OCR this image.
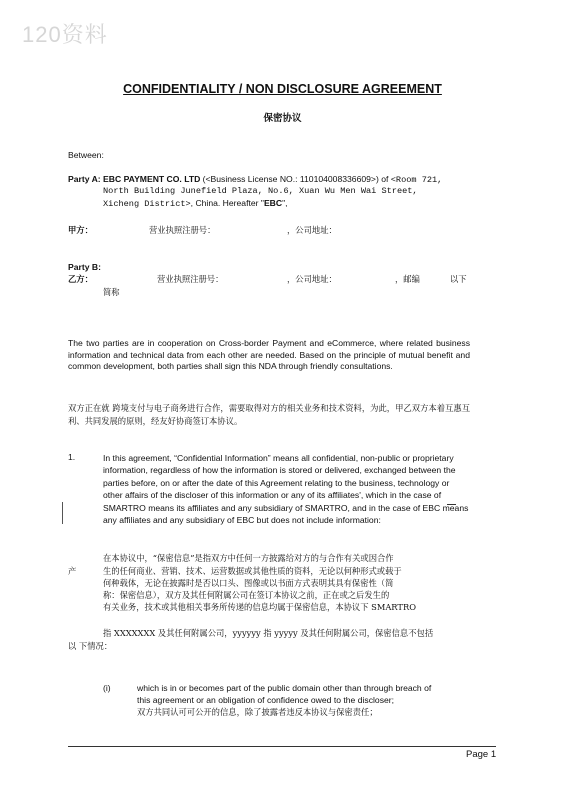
120资料
CONFIDENTIALITY / NON DISCLOSURE AGREEMENT
保密协议
Between:
Party A: EBC PAYMENT CO. LTD (<Business License NO.: 110104008336609>) of <Room 721,
North Building Junefield Plaza, No.6, Xuan Wu Men Wai Street,
Xicheng District>, China. Hereafter "EBC",
甲方：	营业执照注册号：	，公司地址：
Party B:
乙方：	营业执照注册号：	，公司地址：	，邮编	以下
简称
The two parties are in cooperation on Cross-border Payment and eCommerce, where related business information and technical data from each other are needed. Based on the principle of mutual benefit and common development, both parties shall sign this NDA through friendly consultations.
双方正在就 跨境支付与电子商务进行合作，需要取得对方的相关业务和技术资料，为此，甲乙双方本着互惠互利、共同发展的原则，经友好协商签订本协议。
1.	In this agreement, “Confidential Information” means all confidential, non-public or proprietary information, regardless of how the information is stored or delivered, exchanged between the parties before, on or after the date of this Agreement relating to the business, technology or other affairs of the discloser of this information or any of its affiliates', which in the case of SMARTRO means its affiliates and any subsidiary of SMARTRO, and in the case of EBC means any affiliates and any subsidiary of EBC but does not include information:
在本协议中，“保密信息”是指双方中任何一方披露给对方的与合作有关或因合作
产	生的任何商业、营销、技术、运营数据或其他性质的资料，无论以何种形式或载于
何种载体，无论在披露时是否以口头、图像或以书面方式表明其具有保密性（简
称：保密信息），双方及其任何附属公司在签订本协议之前，正在或之后发生的
有关业务，技术或其他相关事务所传递的信息均属于保密信息，本协议下 SMARTRO
指 XXXXXXX 及其任何附属公司，yyyyyy 指 yyyyy 及其任何附属公司，保密信息不包括
以 下情况：
(i)	which is in or becomes part of the public domain other than through breach of
this agreement or an obligation of confidence owed to the discloser;
双方共同认可可公开的信息，除了披露者违反本协议与保密责任；
Page 1
